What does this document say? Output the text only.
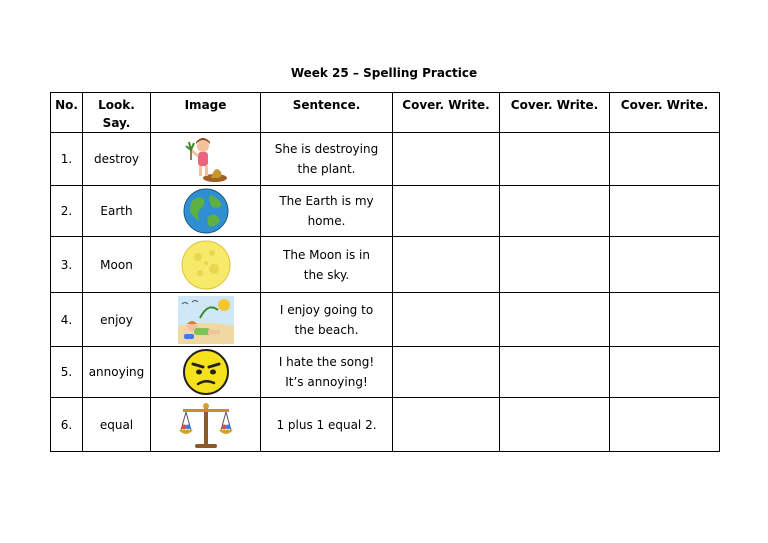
Week 25 – Spelling Practice
No.	Look.
Say.	Image	Sentence.	Cover. Write.	Cover. Write.	Cover. Write.
1.	destroy		She is destroying
the plant.			
2.	Earth		The Earth is my
home.			
3.	Moon		The Moon is in
the sky.			
4.	enjoy		I enjoy going to
the beach.			
5.	annoying		I hate the song!
It’s annoying!			
6.	equal		1 plus 1 equal 2.			
